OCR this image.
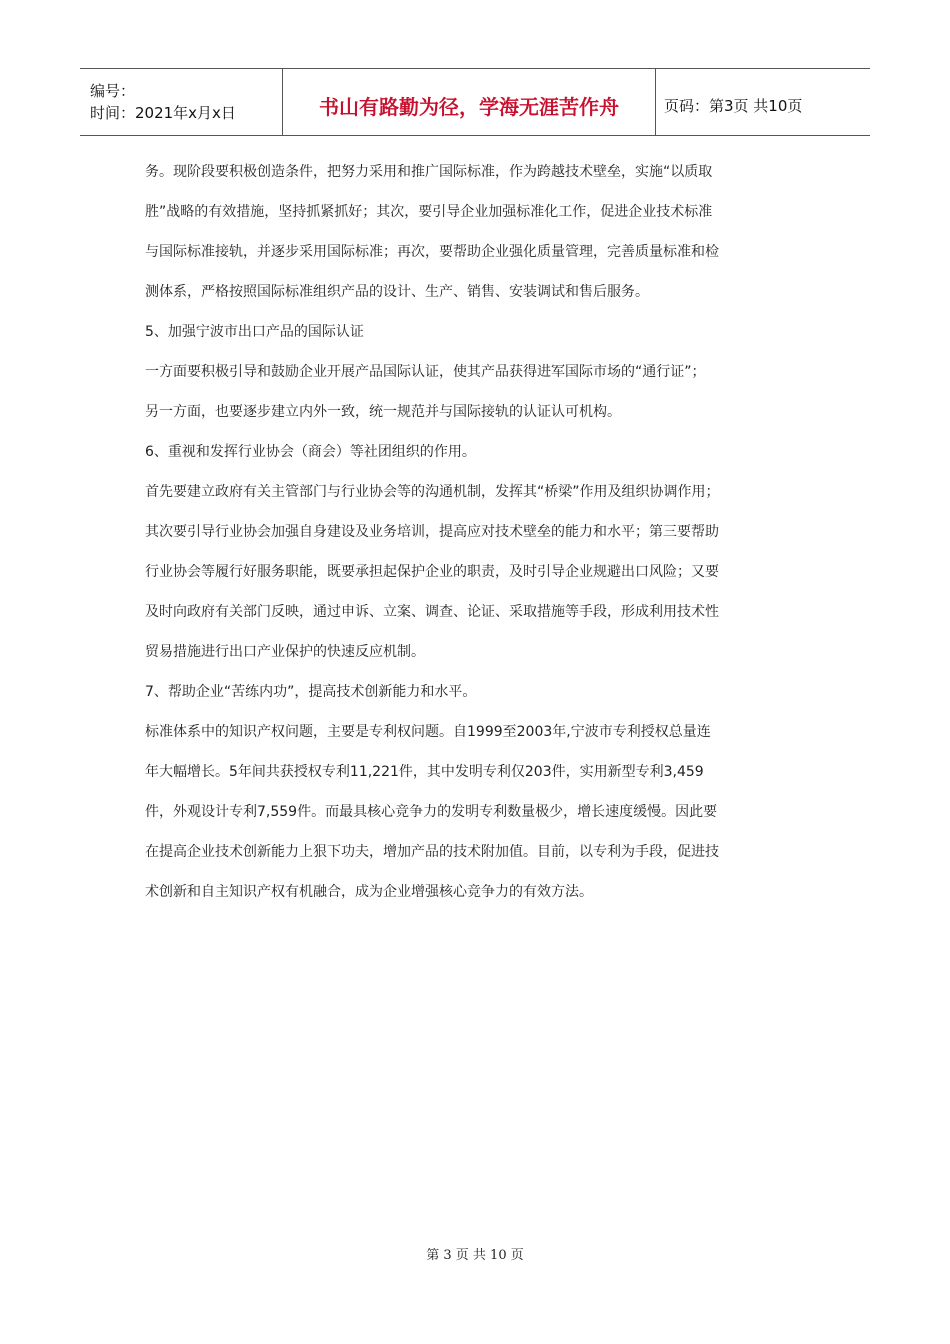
编号：
时间：2021年x月x日	书山有路勤为径，学海无涯苦作舟	页码：第3页 共10页

务。现阶段要积极创造条件，把努力采用和推广国际标准，作为跨越技术壁垒，实施“以质取

胜”战略的有效措施，坚持抓紧抓好；其次，要引导企业加强标准化工作，促进企业技术标准

与国际标准接轨，并逐步采用国际标准；再次，要帮助企业强化质量管理，完善质量标准和检

测体系，严格按照国际标准组织产品的设计、生产、销售、安装调试和售后服务。

5、加强宁波市出口产品的国际认证

一方面要积极引导和鼓励企业开展产品国际认证，使其产品获得进军国际市场的“通行证”；

另一方面，也要逐步建立内外一致，统一规范并与国际接轨的认证认可机构。

6、重视和发挥行业协会（商会）等社团组织的作用。

首先要建立政府有关主管部门与行业协会等的沟通机制，发挥其“桥梁”作用及组织协调作用；

其次要引导行业协会加强自身建设及业务培训，提高应对技术壁垒的能力和水平；第三要帮助

行业协会等履行好服务职能，既要承担起保护企业的职责，及时引导企业规避出口风险；又要

及时向政府有关部门反映，通过申诉、立案、调查、论证、采取措施等手段，形成利用技术性

贸易措施进行出口产业保护的快速反应机制。

7、帮助企业“苦练内功”，提高技术创新能力和水平。

标准体系中的知识产权问题，主要是专利权问题。自1999至2003年,宁波市专利授权总量连

年大幅增长。5年间共获授权专利11,221件，其中发明专利仅203件，实用新型专利3,459

件，外观设计专利7,559件。而最具核心竞争力的发明专利数量极少，增长速度缓慢。因此要

在提高企业技术创新能力上狠下功夫，增加产品的技术附加值。目前，以专利为手段，促进技

术创新和自主知识产权有机融合，成为企业增强核心竞争力的有效方法。

第 3 页 共 10 页
